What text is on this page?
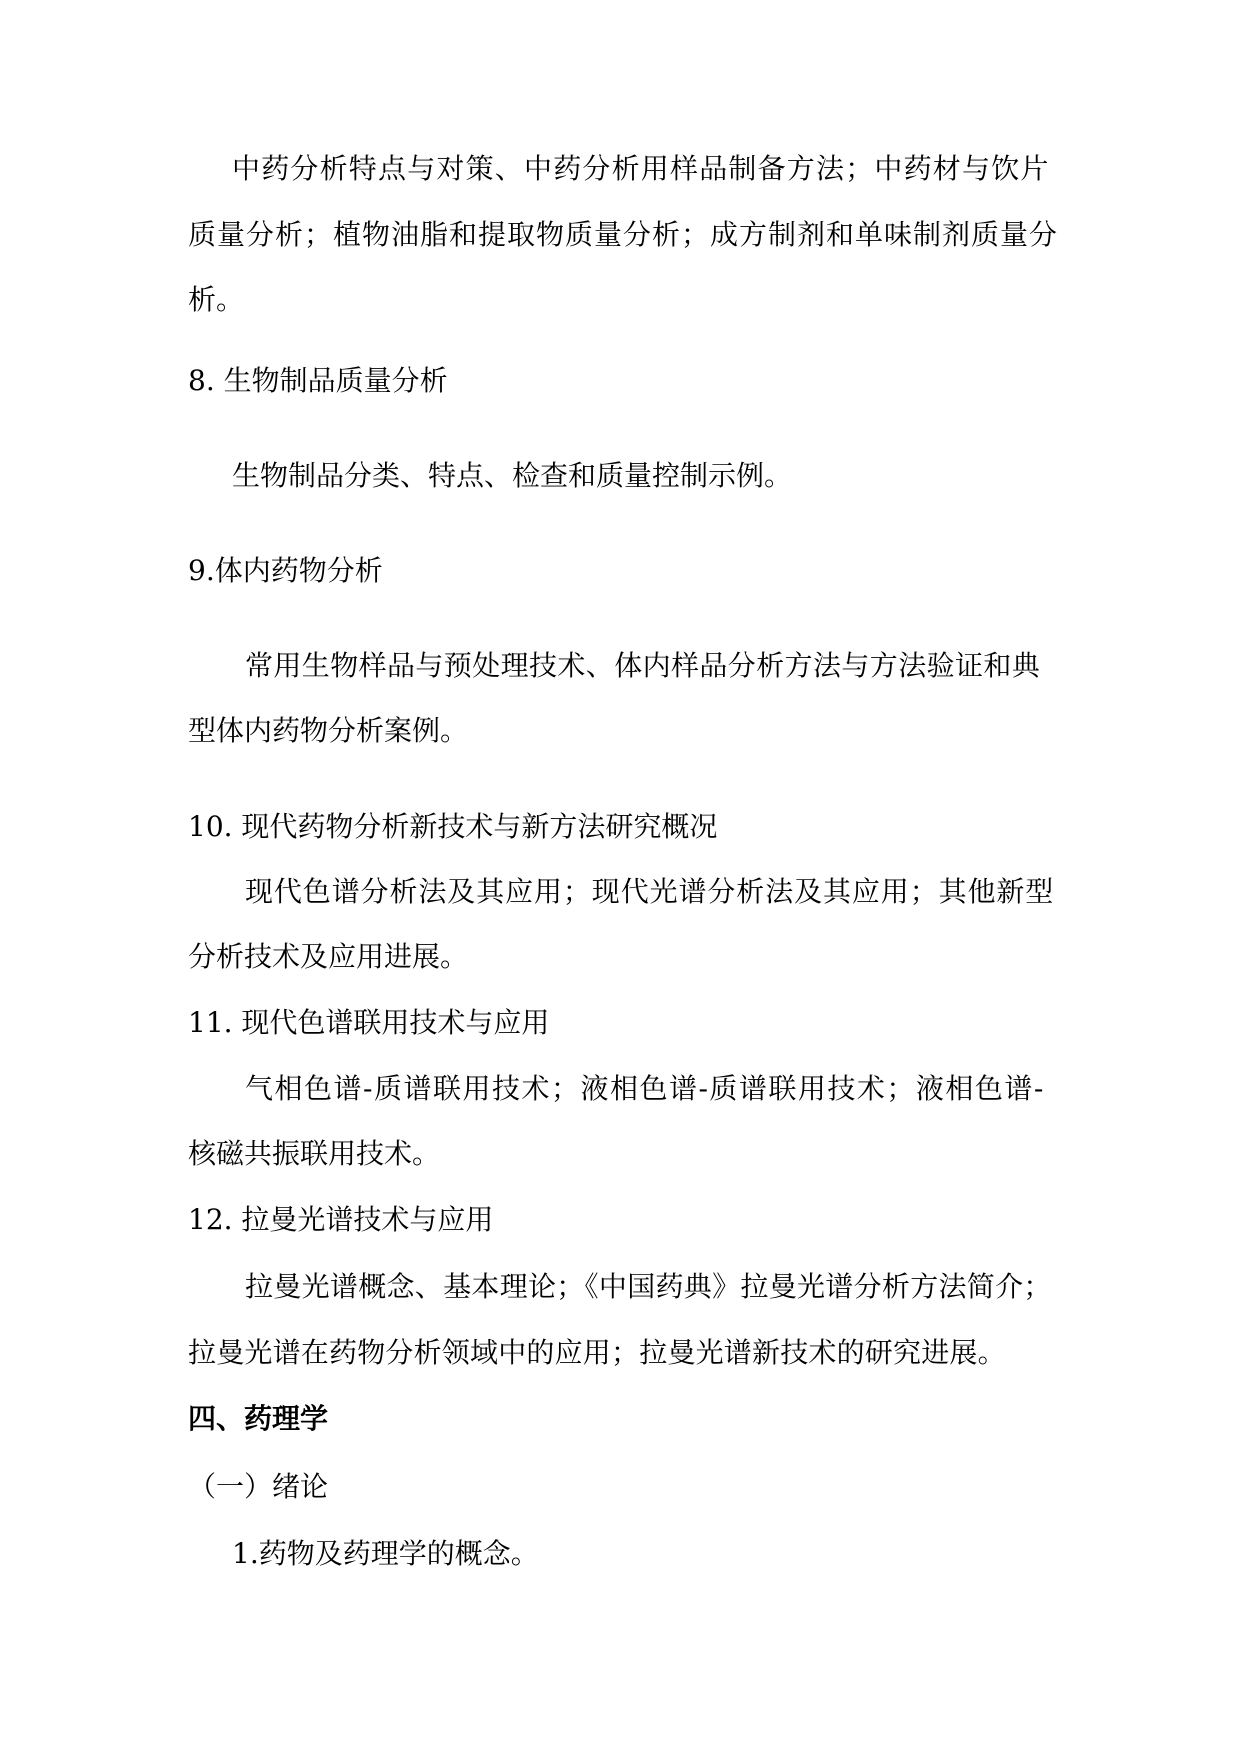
中药分析特点与对策、中药分析用样品制备方法；中药材与饮片
质量分析；植物油脂和提取物质量分析；成方制剂和单味制剂质量分
析。
8. 生物制品质量分析
生物制品分类、特点、检查和质量控制示例。
9.体内药物分析
常用生物样品与预处理技术、体内样品分析方法与方法验证和典
型体内药物分析案例。
10. 现代药物分析新技术与新方法研究概况
现代色谱分析法及其应用；现代光谱分析法及其应用；其他新型
分析技术及应用进展。
11. 现代色谱联用技术与应用
气相色谱-质谱联用技术；液相色谱-质谱联用技术；液相色谱-
核磁共振联用技术。
12. 拉曼光谱技术与应用
拉曼光谱概念、基本理论；《中国药典》拉曼光谱分析方法简介；
拉曼光谱在药物分析领域中的应用；拉曼光谱新技术的研究进展。
四、药理学
（一）绪论
1.药物及药理学的概念。
